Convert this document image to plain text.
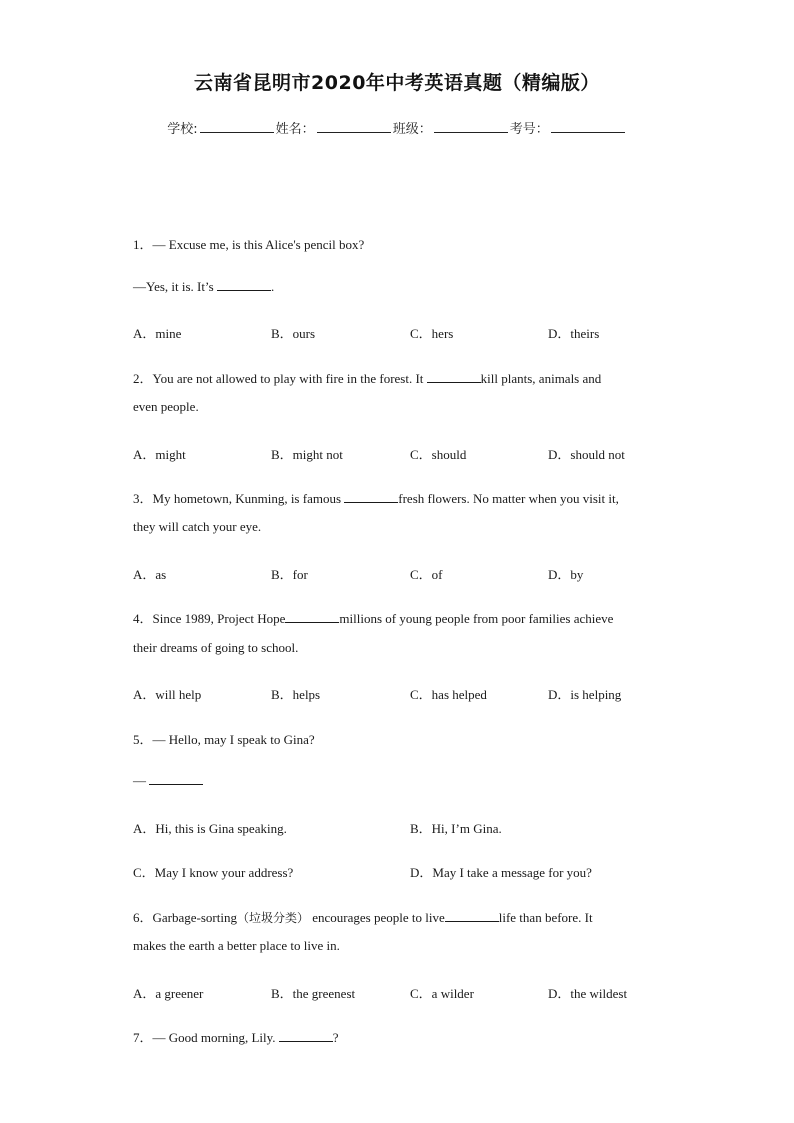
云南省昆明市2020年中考英语真题（精编版）
学校:	姓名：	班级：	考号：
1．— Excuse me, is this Alice's pencil box?
—Yes, it is. It’s	.
A．mine	B．ours	C．hers	D．theirs
2．You are not allowed to play with fire in the forest. It	kill plants, animals and
even people.
A．might	B．might not	C．should	D．should not
3．My hometown, Kunming, is famous	fresh flowers. No matter when you visit it,
they will catch your eye.
A．as	B．for	C．of	D．by
4．Since 1989, Project Hope	millions of young people from poor families achieve
their dreams of going to school.
A．will help	B．helps	C．has helped	D．is helping
5．— Hello, may I speak to Gina?
—
A．Hi, this is Gina speaking.	B．Hi, I’m Gina.
C．May I know your address?	D．May I take a message for you?
6．Garbage-sorting（垃圾分类） encourages people to live	life than before. It
makes the earth a better place to live in.
A．a greener	B．the greenest	C．a wilder	D．the wildest
7．— Good morning, Lily.	?
